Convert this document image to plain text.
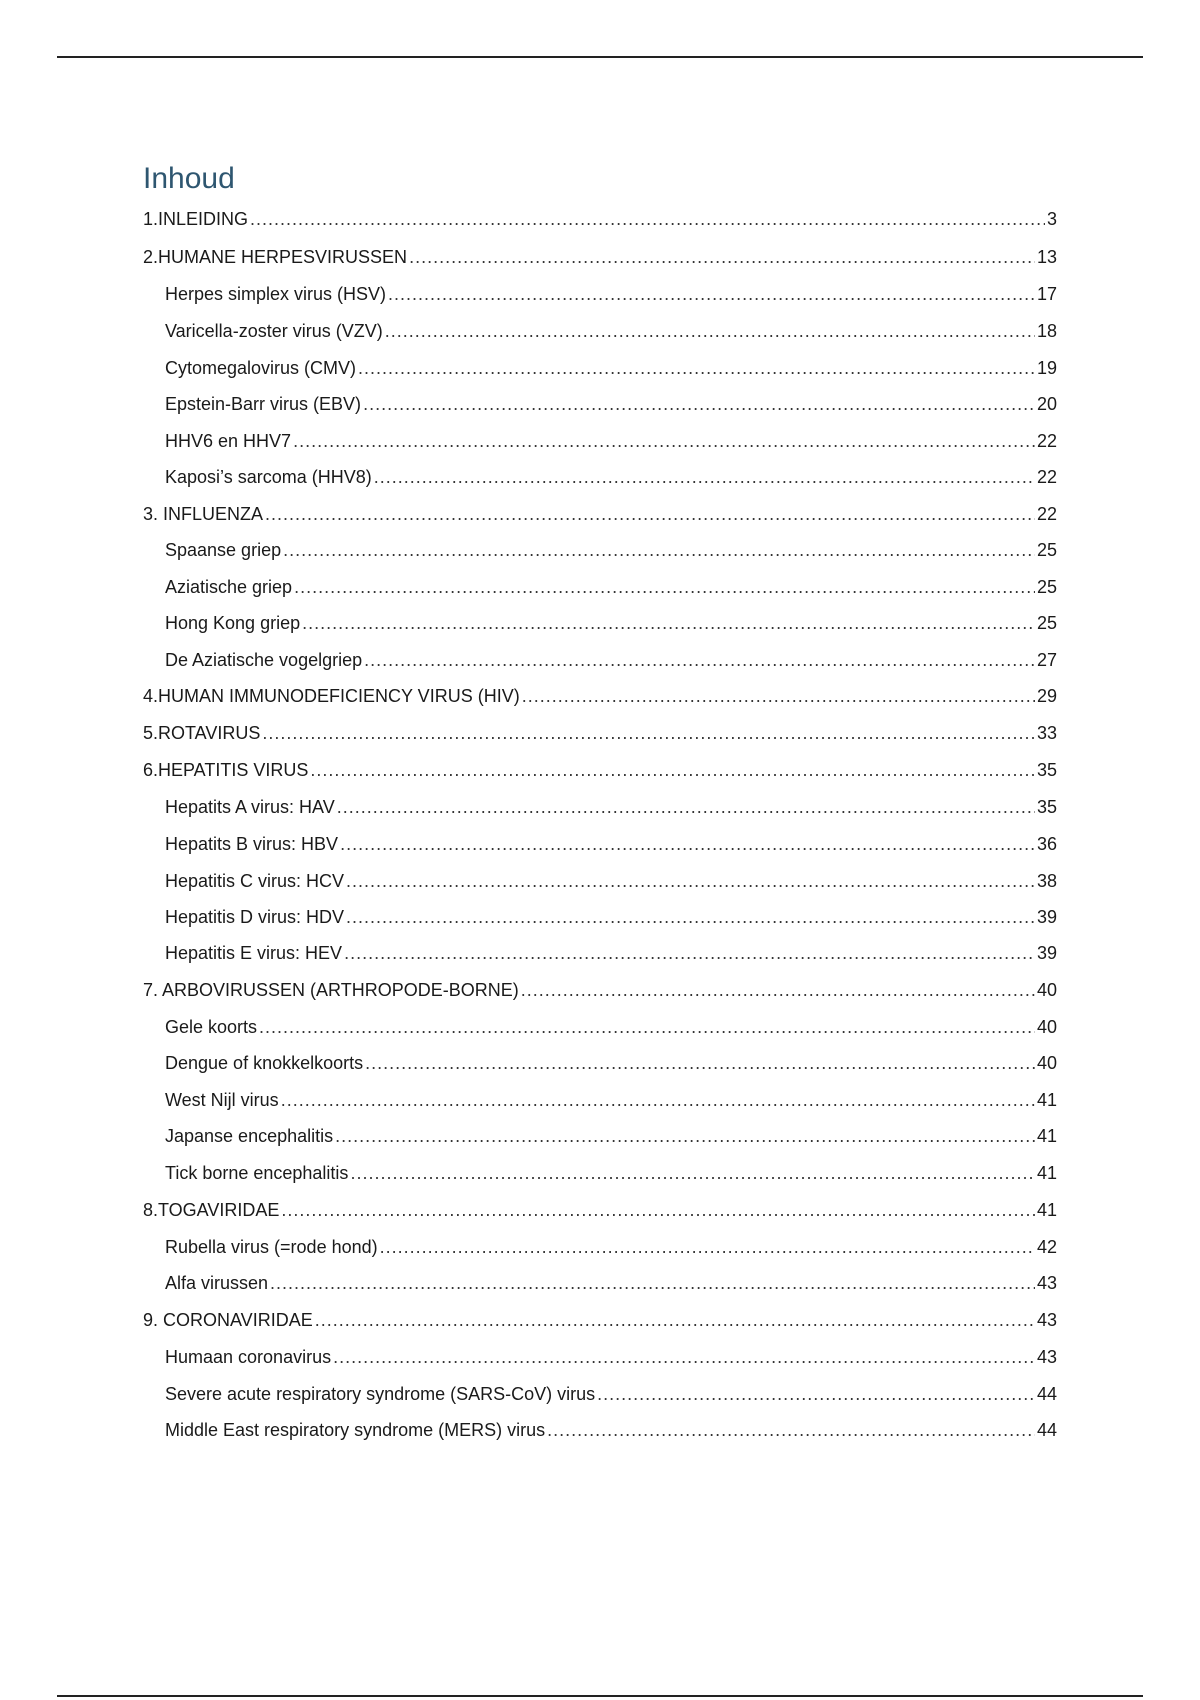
Inhoud
1.INLEIDING .....	3
2.HUMANE HERPESVIRUSSEN .....	13
Herpes simplex virus (HSV) .....	17
Varicella-zoster virus (VZV) .....	18
Cytomegalovirus (CMV) .....	19
Epstein-Barr virus (EBV) .....	20
HHV6 en HHV7 .....	22
Kaposi’s sarcoma (HHV8) .....	22
3. INFLUENZA .....	22
Spaanse griep .....	25
Aziatische griep .....	25
Hong Kong griep .....	25
De Aziatische vogelgriep .....	27
4.HUMAN IMMUNODEFICIENCY VIRUS (HIV) .....	29
5.ROTAVIRUS .....	33
6.HEPATITIS VIRUS .....	35
Hepatits A virus: HAV .....	35
Hepatits B virus: HBV .....	36
Hepatitis C virus: HCV .....	38
Hepatitis D virus: HDV .....	39
Hepatitis E virus: HEV .....	39
7. ARBOVIRUSSEN (ARTHROPODE-BORNE) .....	40
Gele koorts .....	40
Dengue of knokkelkoorts .....	40
West Nijl virus .....	41
Japanse encephalitis .....	41
Tick borne encephalitis .....	41
8.TOGAVIRIDAE .....	41
Rubella virus (=rode hond) .....	42
Alfa virussen .....	43
9. CORONAVIRIDAE .....	43
Humaan coronavirus .....	43
Severe acute respiratory syndrome (SARS-CoV) virus .....	44
Middle East respiratory syndrome (MERS) virus .....	44
